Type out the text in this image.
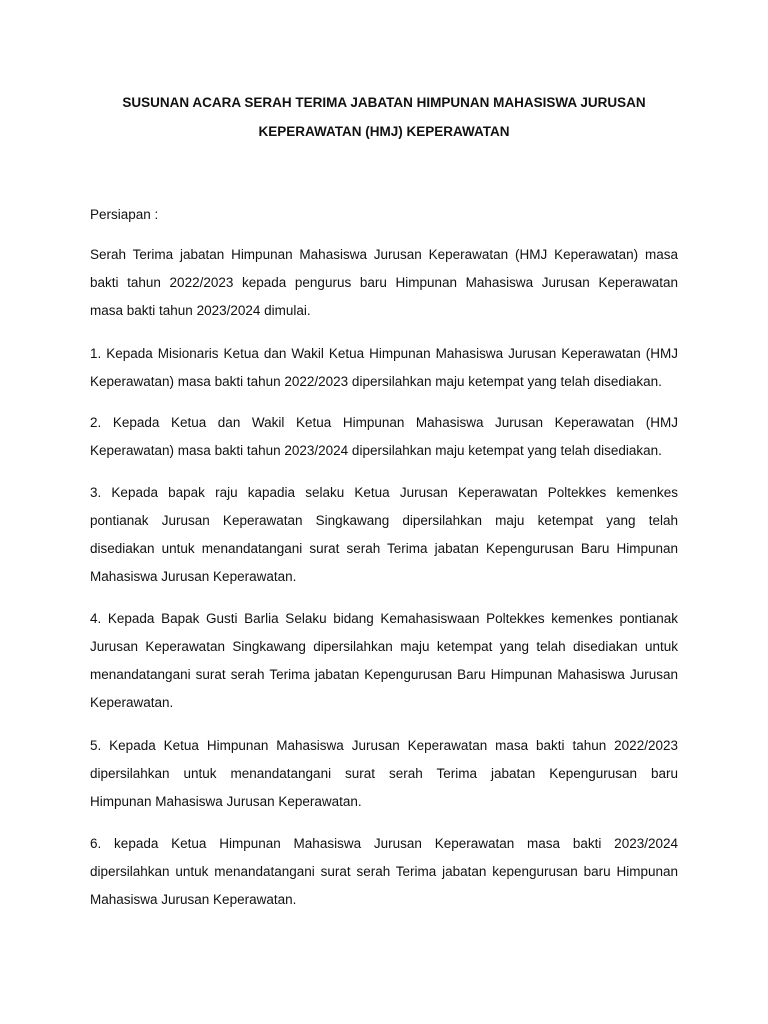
SUSUNAN ACARA SERAH TERIMA JABATAN HIMPUNAN MAHASISWA JURUSAN
KEPERAWATAN (HMJ) KEPERAWATAN
Persiapan :
Serah Terima jabatan Himpunan Mahasiswa Jurusan Keperawatan (HMJ Keperawatan) masa
bakti tahun 2022/2023 kepada pengurus baru Himpunan Mahasiswa Jurusan Keperawatan
masa bakti tahun 2023/2024 dimulai.
1. Kepada Misionaris Ketua dan Wakil Ketua Himpunan Mahasiswa Jurusan Keperawatan (HMJ
Keperawatan) masa bakti tahun 2022/2023 dipersilahkan maju ketempat yang telah disediakan.
2. Kepada Ketua dan Wakil Ketua Himpunan Mahasiswa Jurusan Keperawatan (HMJ
Keperawatan) masa bakti tahun 2023/2024 dipersilahkan maju ketempat yang telah disediakan.
3. Kepada bapak raju kapadia selaku Ketua Jurusan Keperawatan Poltekkes kemenkes
pontianak Jurusan Keperawatan Singkawang dipersilahkan maju ketempat yang telah
disediakan untuk menandatangani surat serah Terima jabatan Kepengurusan Baru Himpunan
Mahasiswa Jurusan Keperawatan.
4. Kepada Bapak Gusti Barlia Selaku bidang Kemahasiswaan Poltekkes kemenkes pontianak
Jurusan Keperawatan Singkawang dipersilahkan maju ketempat yang telah disediakan untuk
menandatangani surat serah Terima jabatan Kepengurusan Baru Himpunan Mahasiswa Jurusan
Keperawatan.
5. Kepada Ketua Himpunan Mahasiswa Jurusan Keperawatan masa bakti tahun 2022/2023
dipersilahkan untuk menandatangani surat serah Terima jabatan Kepengurusan baru
Himpunan Mahasiswa Jurusan Keperawatan.
6. kepada Ketua Himpunan Mahasiswa Jurusan Keperawatan masa bakti 2023/2024
dipersilahkan untuk menandatangani surat serah Terima jabatan kepengurusan baru Himpunan
Mahasiswa Jurusan Keperawatan.
